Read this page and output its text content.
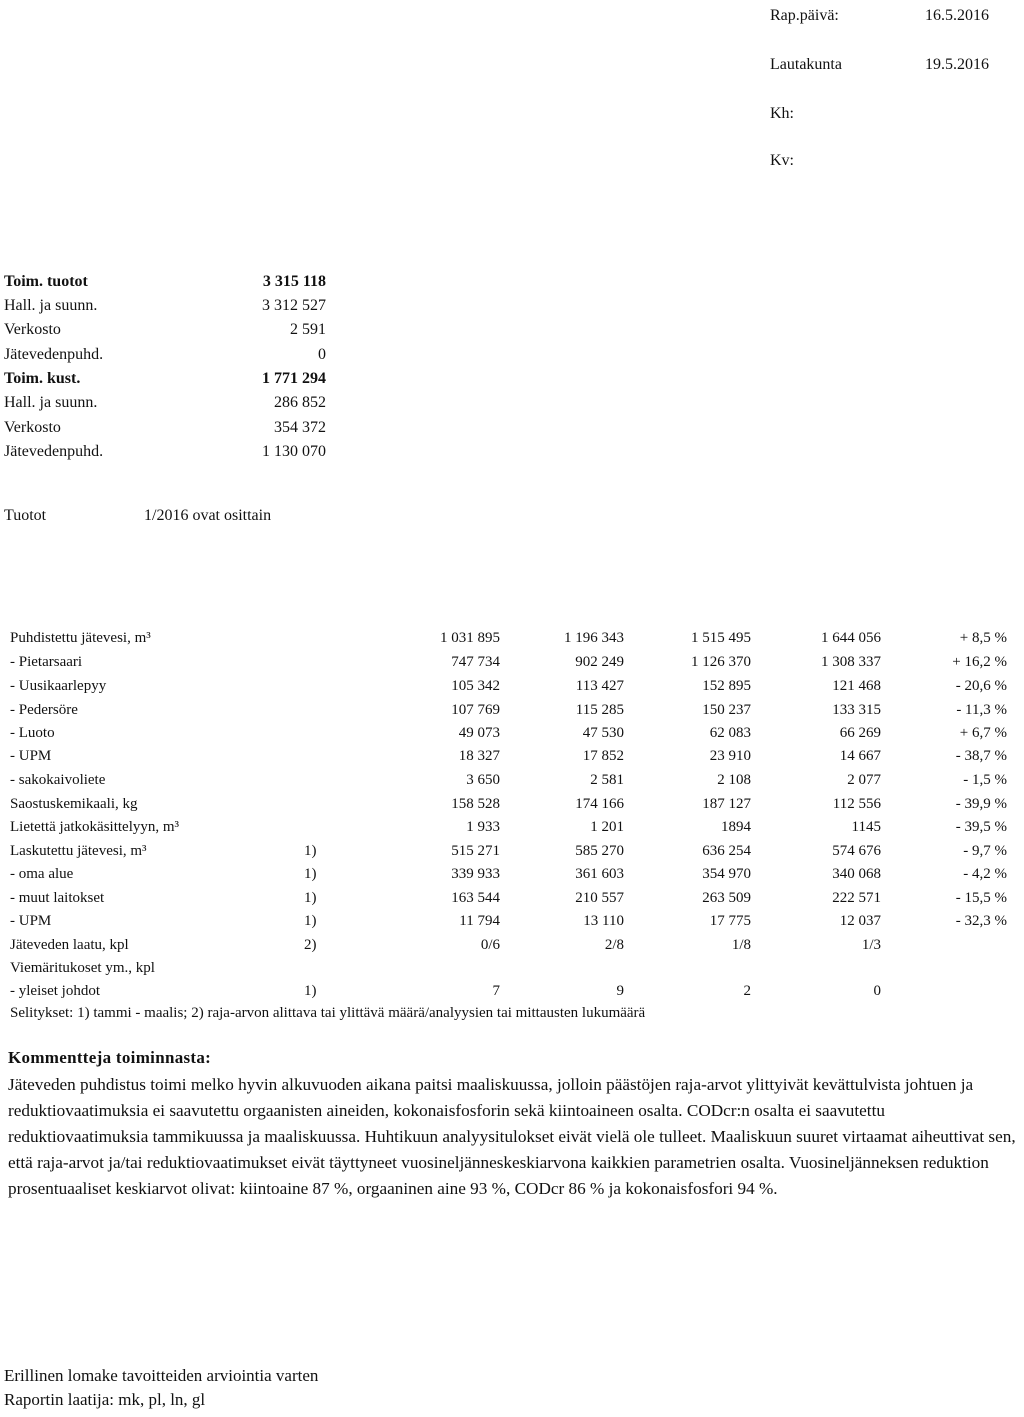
Rap.päivä:	16.5.2016
Lautakunta	19.5.2016
Kh:
Kv:
Toim. tuotot	3 315 118
Hall. ja suunn.	3 312 527
Verkosto	2 591
Jätevedenpuhd.	0
Toim. kust.	1 771 294
Hall. ja suunn.	286 852
Verkosto	354 372
Jätevedenpuhd.	1 130 070
Tuotot	1/2016 ovat osittain
Puhdistettu jätevesi, m³	1 031 895	1 196 343	1 515 495	1 644 056	+ 8,5 %
- Pietarsaari	747 734	902 249	1 126 370	1 308 337	+ 16,2 %
- Uusikaarlepyy	105 342	113 427	152 895	121 468	- 20,6 %
- Pedersöre	107 769	115 285	150 237	133 315	- 11,3 %
- Luoto	49 073	47 530	62 083	66 269	+ 6,7 %
- UPM	18 327	17 852	23 910	14 667	- 38,7 %
- sakokaivoliete	3 650	2 581	2 108	2 077	- 1,5 %
Saostuskemikaali, kg	158 528	174 166	187 127	112 556	- 39,9 %
Lietettä jatkokäsittelyyn, m³	1 933	1 201	1894	1145	- 39,5 %
Laskutettu jätevesi, m³	1)	515 271	585 270	636 254	574 676	- 9,7 %
- oma alue	1)	339 933	361 603	354 970	340 068	- 4,2 %
- muut laitokset	1)	163 544	210 557	263 509	222 571	- 15,5 %
- UPM	1)	11 794	13 110	17 775	12 037	- 32,3 %
Jäteveden laatu, kpl	2)	0/6	2/8	1/8	1/3
Viemäritukoset ym., kpl
- yleiset johdot	1)	7	9	2	0
Selitykset: 1) tammi - maalis; 2) raja-arvon alittava tai ylittävä määrä/analyysien tai mittausten lukumäärä
Kommentteja toiminnasta:
Jäteveden puhdistus toimi melko hyvin alkuvuoden aikana paitsi maaliskuussa, jolloin päästöjen raja-arvot ylittyivät kevättulvista johtuen ja reduktiovaatimuksia ei saavutettu orgaanisten aineiden, kokonaisfosforin sekä kiintoaineen osalta. CODcr:n osalta ei saavutettu reduktiovaatimuksia tammikuussa ja maaliskuussa. Huhtikuun analyysitulokset eivät vielä ole tulleet. Maaliskuun suuret virtaamat aiheuttivat sen, että raja-arvot ja/tai reduktiovaatimukset eivät täyttyneet vuosineljänneskeskiarvona kaikkien parametrien osalta. Vuosineljänneksen reduktion prosentuaaliset keskiarvot olivat: kiintoaine 87 %, orgaaninen aine 93 %, CODcr 86 % ja kokonaisfosfori 94 %.
Erillinen lomake tavoitteiden arviointia varten
Raportin laatija: mk, pl, ln, gl
